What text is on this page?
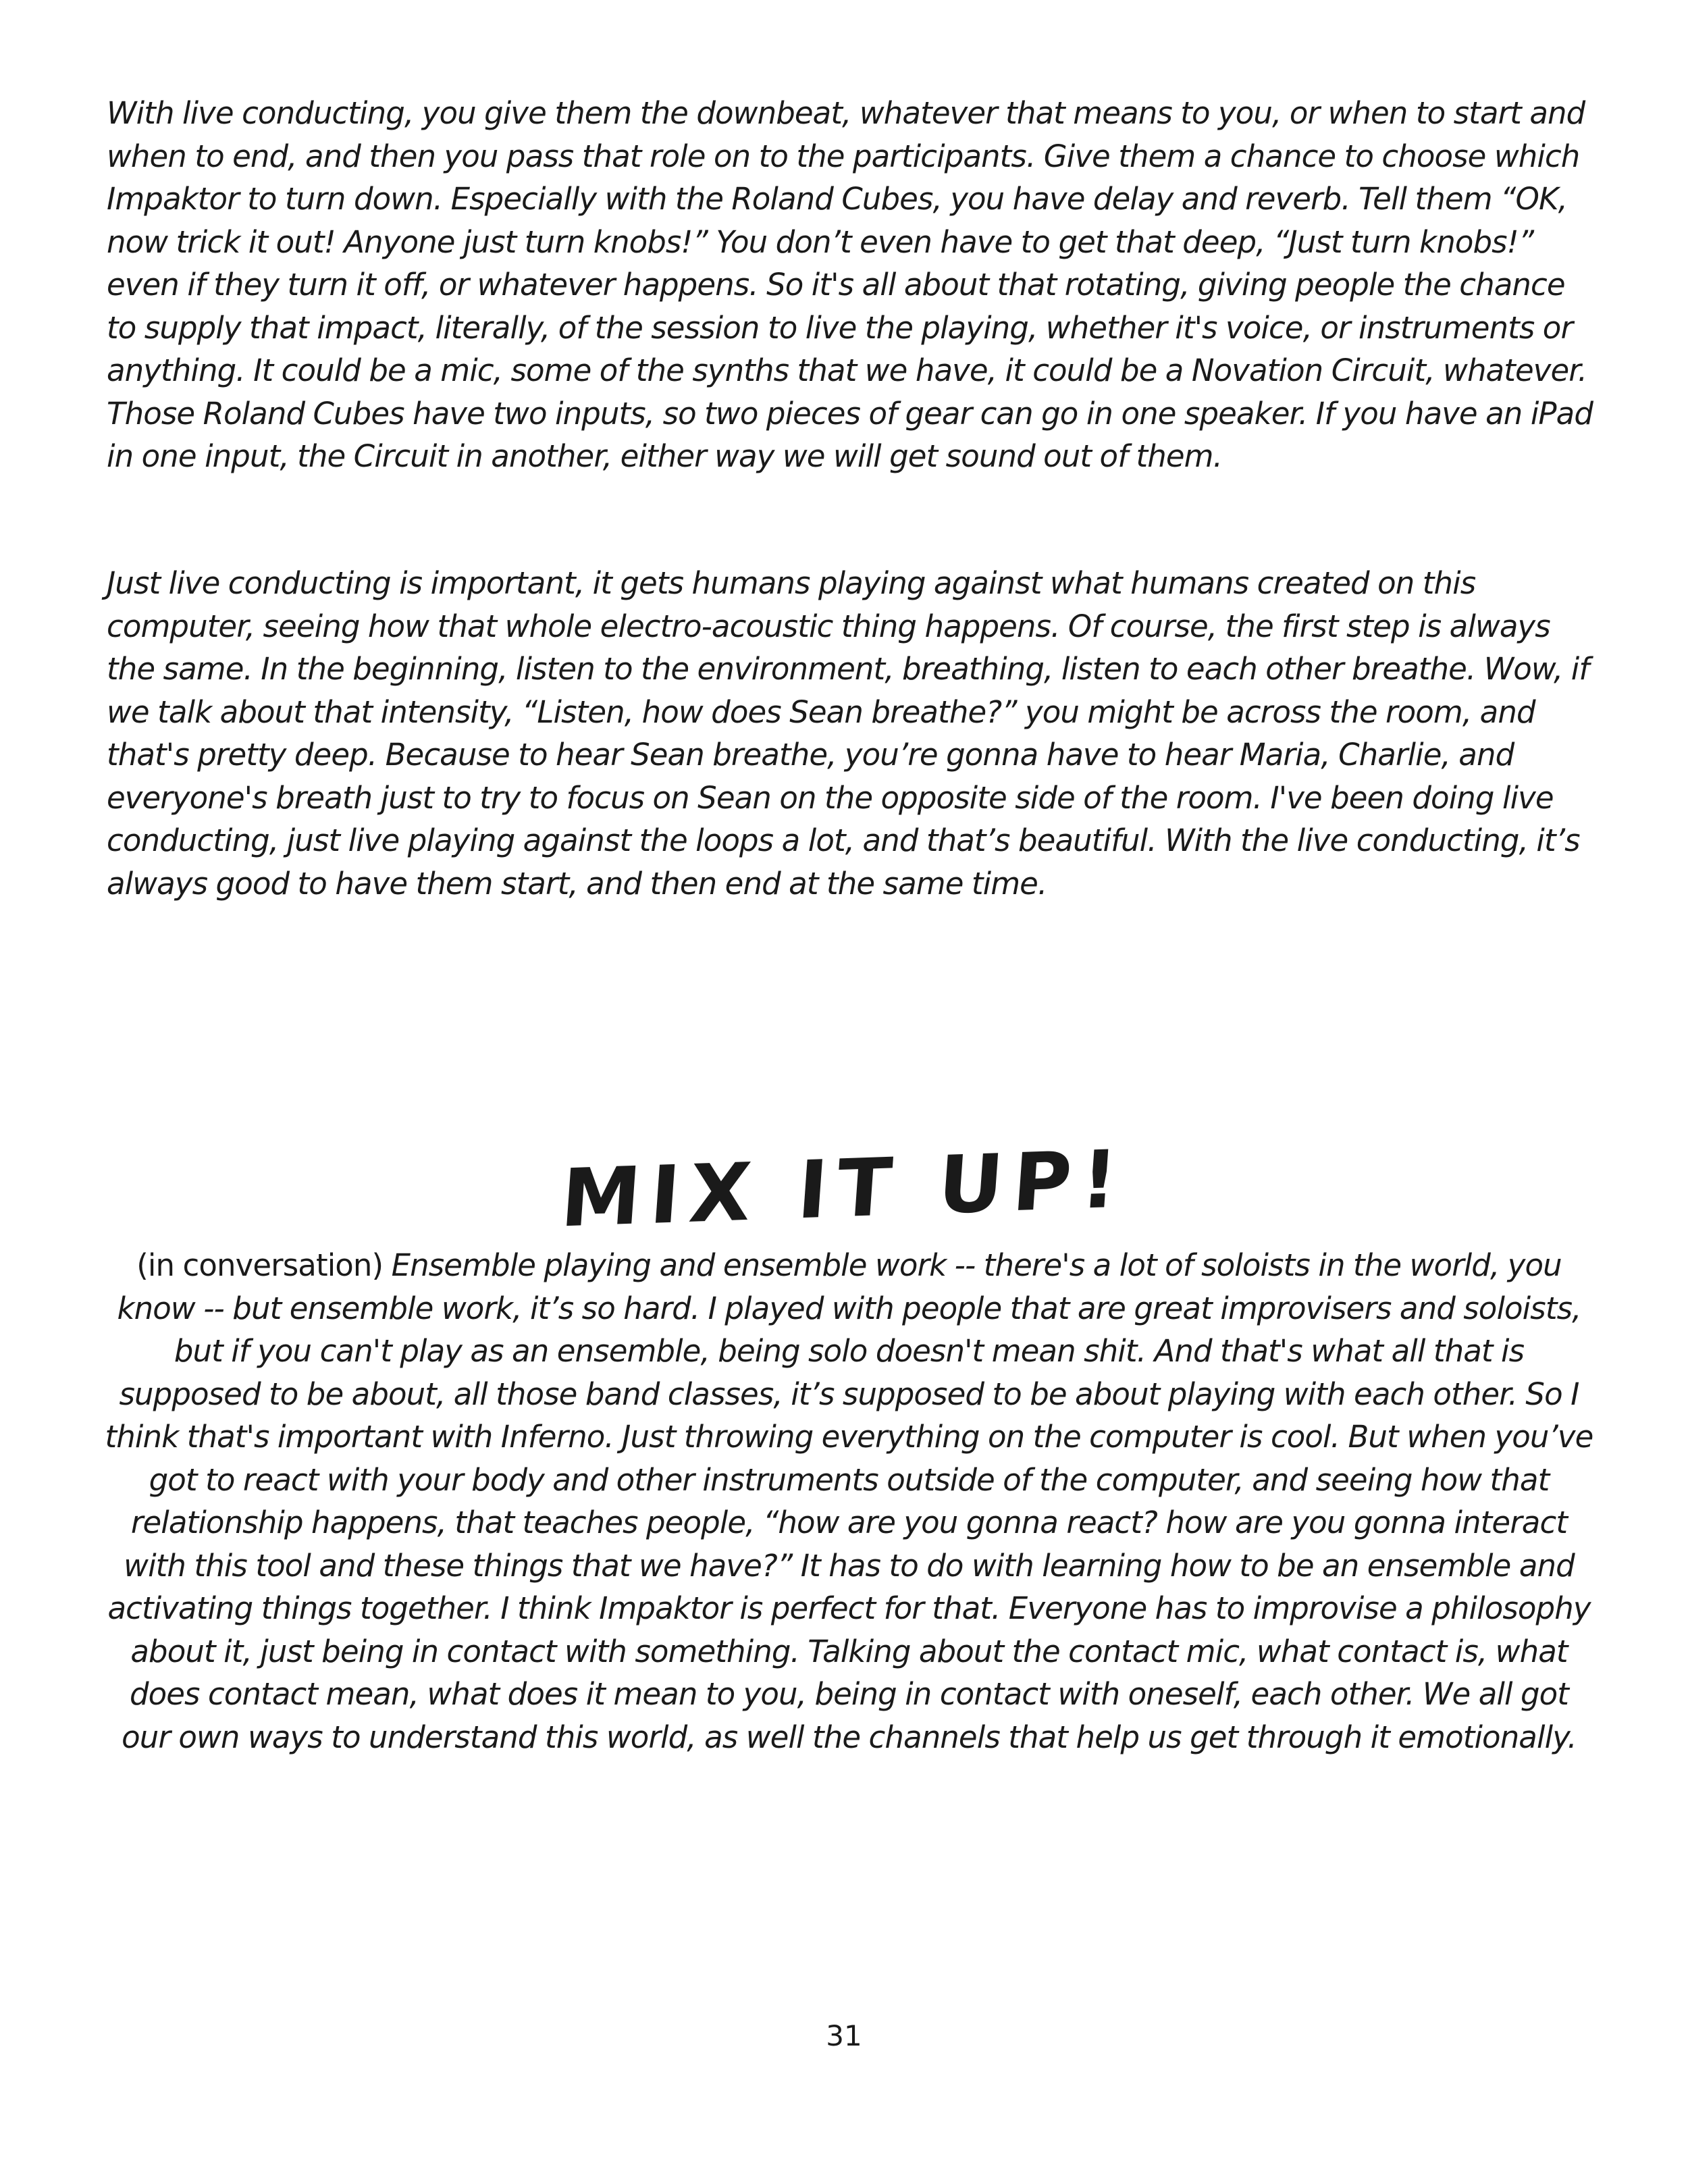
With live conducting, you give them the downbeat, whatever that means to you, or when to start and when to end, and then you pass that role on to the participants. Give them a chance to choose which Impaktor to turn down. Especially with the Roland Cubes, you have delay and reverb. Tell them “OK, now trick it out! Anyone just turn knobs!” You don’t even have to get that deep, “Just turn knobs!” even if they turn it off, or whatever happens. So it's all about that rotating, giving people the chance to supply that impact, literally, of the session to live the playing, whether it's voice, or instruments or anything. It could be a mic, some of the synths that we have, it could be a Novation Circuit, whatever. Those Roland Cubes have two inputs, so two pieces of gear can go in one speaker. If you have an iPad in one input, the Circuit in another, either way we will get sound out of them.

Just live conducting is important, it gets humans playing against what humans created on this computer, seeing how that whole electro-acoustic thing happens. Of course, the first step is always the same. In the beginning, listen to the environment, breathing, listen to each other breathe. Wow, if we talk about that intensity, “Listen, how does Sean breathe?” you might be across the room, and that's pretty deep. Because to hear Sean breathe, you’re gonna have to hear Maria, Charlie, and everyone's breath just to try to focus on Sean on the opposite side of the room. I've been doing live conducting, just live playing against the loops a lot, and that’s beautiful. With the live conducting, it’s always good to have them start, and then end at the same time.

MIX IT UP!

(in conversation) Ensemble playing and ensemble work -- there's a lot of soloists in the world, you know -- but ensemble work, it’s so hard. I played with people that are great improvisers and soloists, but if you can't play as an ensemble, being solo doesn't mean shit. And that's what all that is supposed to be about, all those band classes, it’s supposed to be about playing with each other. So I think that's important with Inferno. Just throwing everything on the computer is cool. But when you’ve got to react with your body and other instruments outside of the computer, and seeing how that relationship happens, that teaches people, “how are you gonna react? how are you gonna interact with this tool and these things that we have?” It has to do with learning how to be an ensemble and activating things together. I think Impaktor is perfect for that. Everyone has to improvise a philosophy about it, just being in contact with something. Talking about the contact mic, what contact is, what does contact mean, what does it mean to you, being in contact with oneself, each other. We all got our own ways to understand this world, as well the channels that help us get through it emotionally.

31
